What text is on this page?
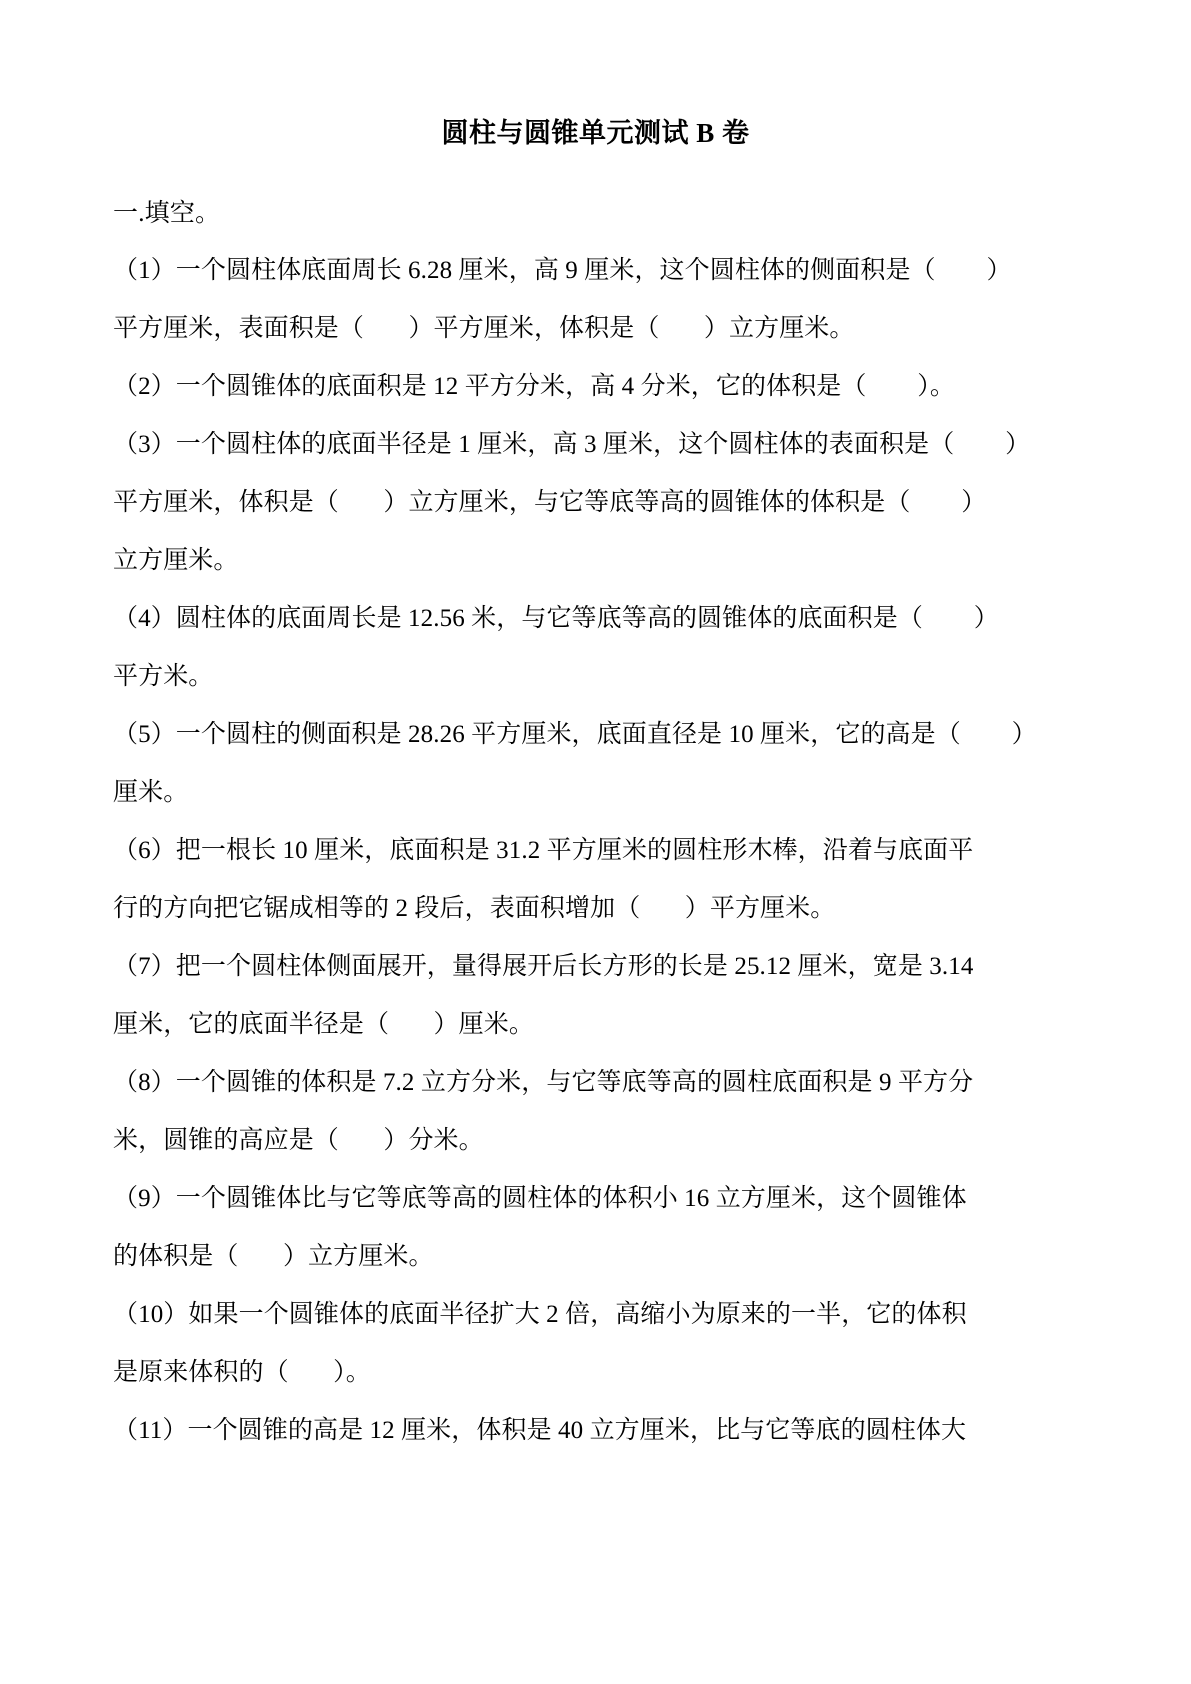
圆柱与圆锥单元测试 B 卷
一.填空。
（1）一个圆柱体底面周长 6.28 厘米，高 9 厘米，这个圆柱体的侧面积是（        ）
平方厘米，表面积是（       ）平方厘米，体积是（       ）立方厘米。
（2）一个圆锥体的底面积是 12 平方分米，高 4 分米，它的体积是（        ）。
（3）一个圆柱体的底面半径是 1 厘米，高 3 厘米，这个圆柱体的表面积是（        ）
平方厘米，体积是（       ）立方厘米，与它等底等高的圆锥体的体积是（        ）
立方厘米。
（4）圆柱体的底面周长是 12.56 米，与它等底等高的圆锥体的底面积是（        ）
平方米。
（5）一个圆柱的侧面积是 28.26 平方厘米，底面直径是 10 厘米，它的高是（        ）
厘米。
（6）把一根长 10 厘米，底面积是 31.2 平方厘米的圆柱形木棒，沿着与底面平
行的方向把它锯成相等的 2 段后，表面积增加（       ）平方厘米。
（7）把一个圆柱体侧面展开，量得展开后长方形的长是 25.12 厘米，宽是 3.14
厘米，它的底面半径是（       ）厘米。
（8）一个圆锥的体积是 7.2 立方分米，与它等底等高的圆柱底面积是 9 平方分
米，圆锥的高应是（       ）分米。
（9）一个圆锥体比与它等底等高的圆柱体的体积小 16 立方厘米，这个圆锥体
的体积是（       ）立方厘米。
（10）如果一个圆锥体的底面半径扩大 2 倍，高缩小为原来的一半，它的体积
是原来体积的（       ）。
（11）一个圆锥的高是 12 厘米，体积是 40 立方厘米，比与它等底的圆柱体大
